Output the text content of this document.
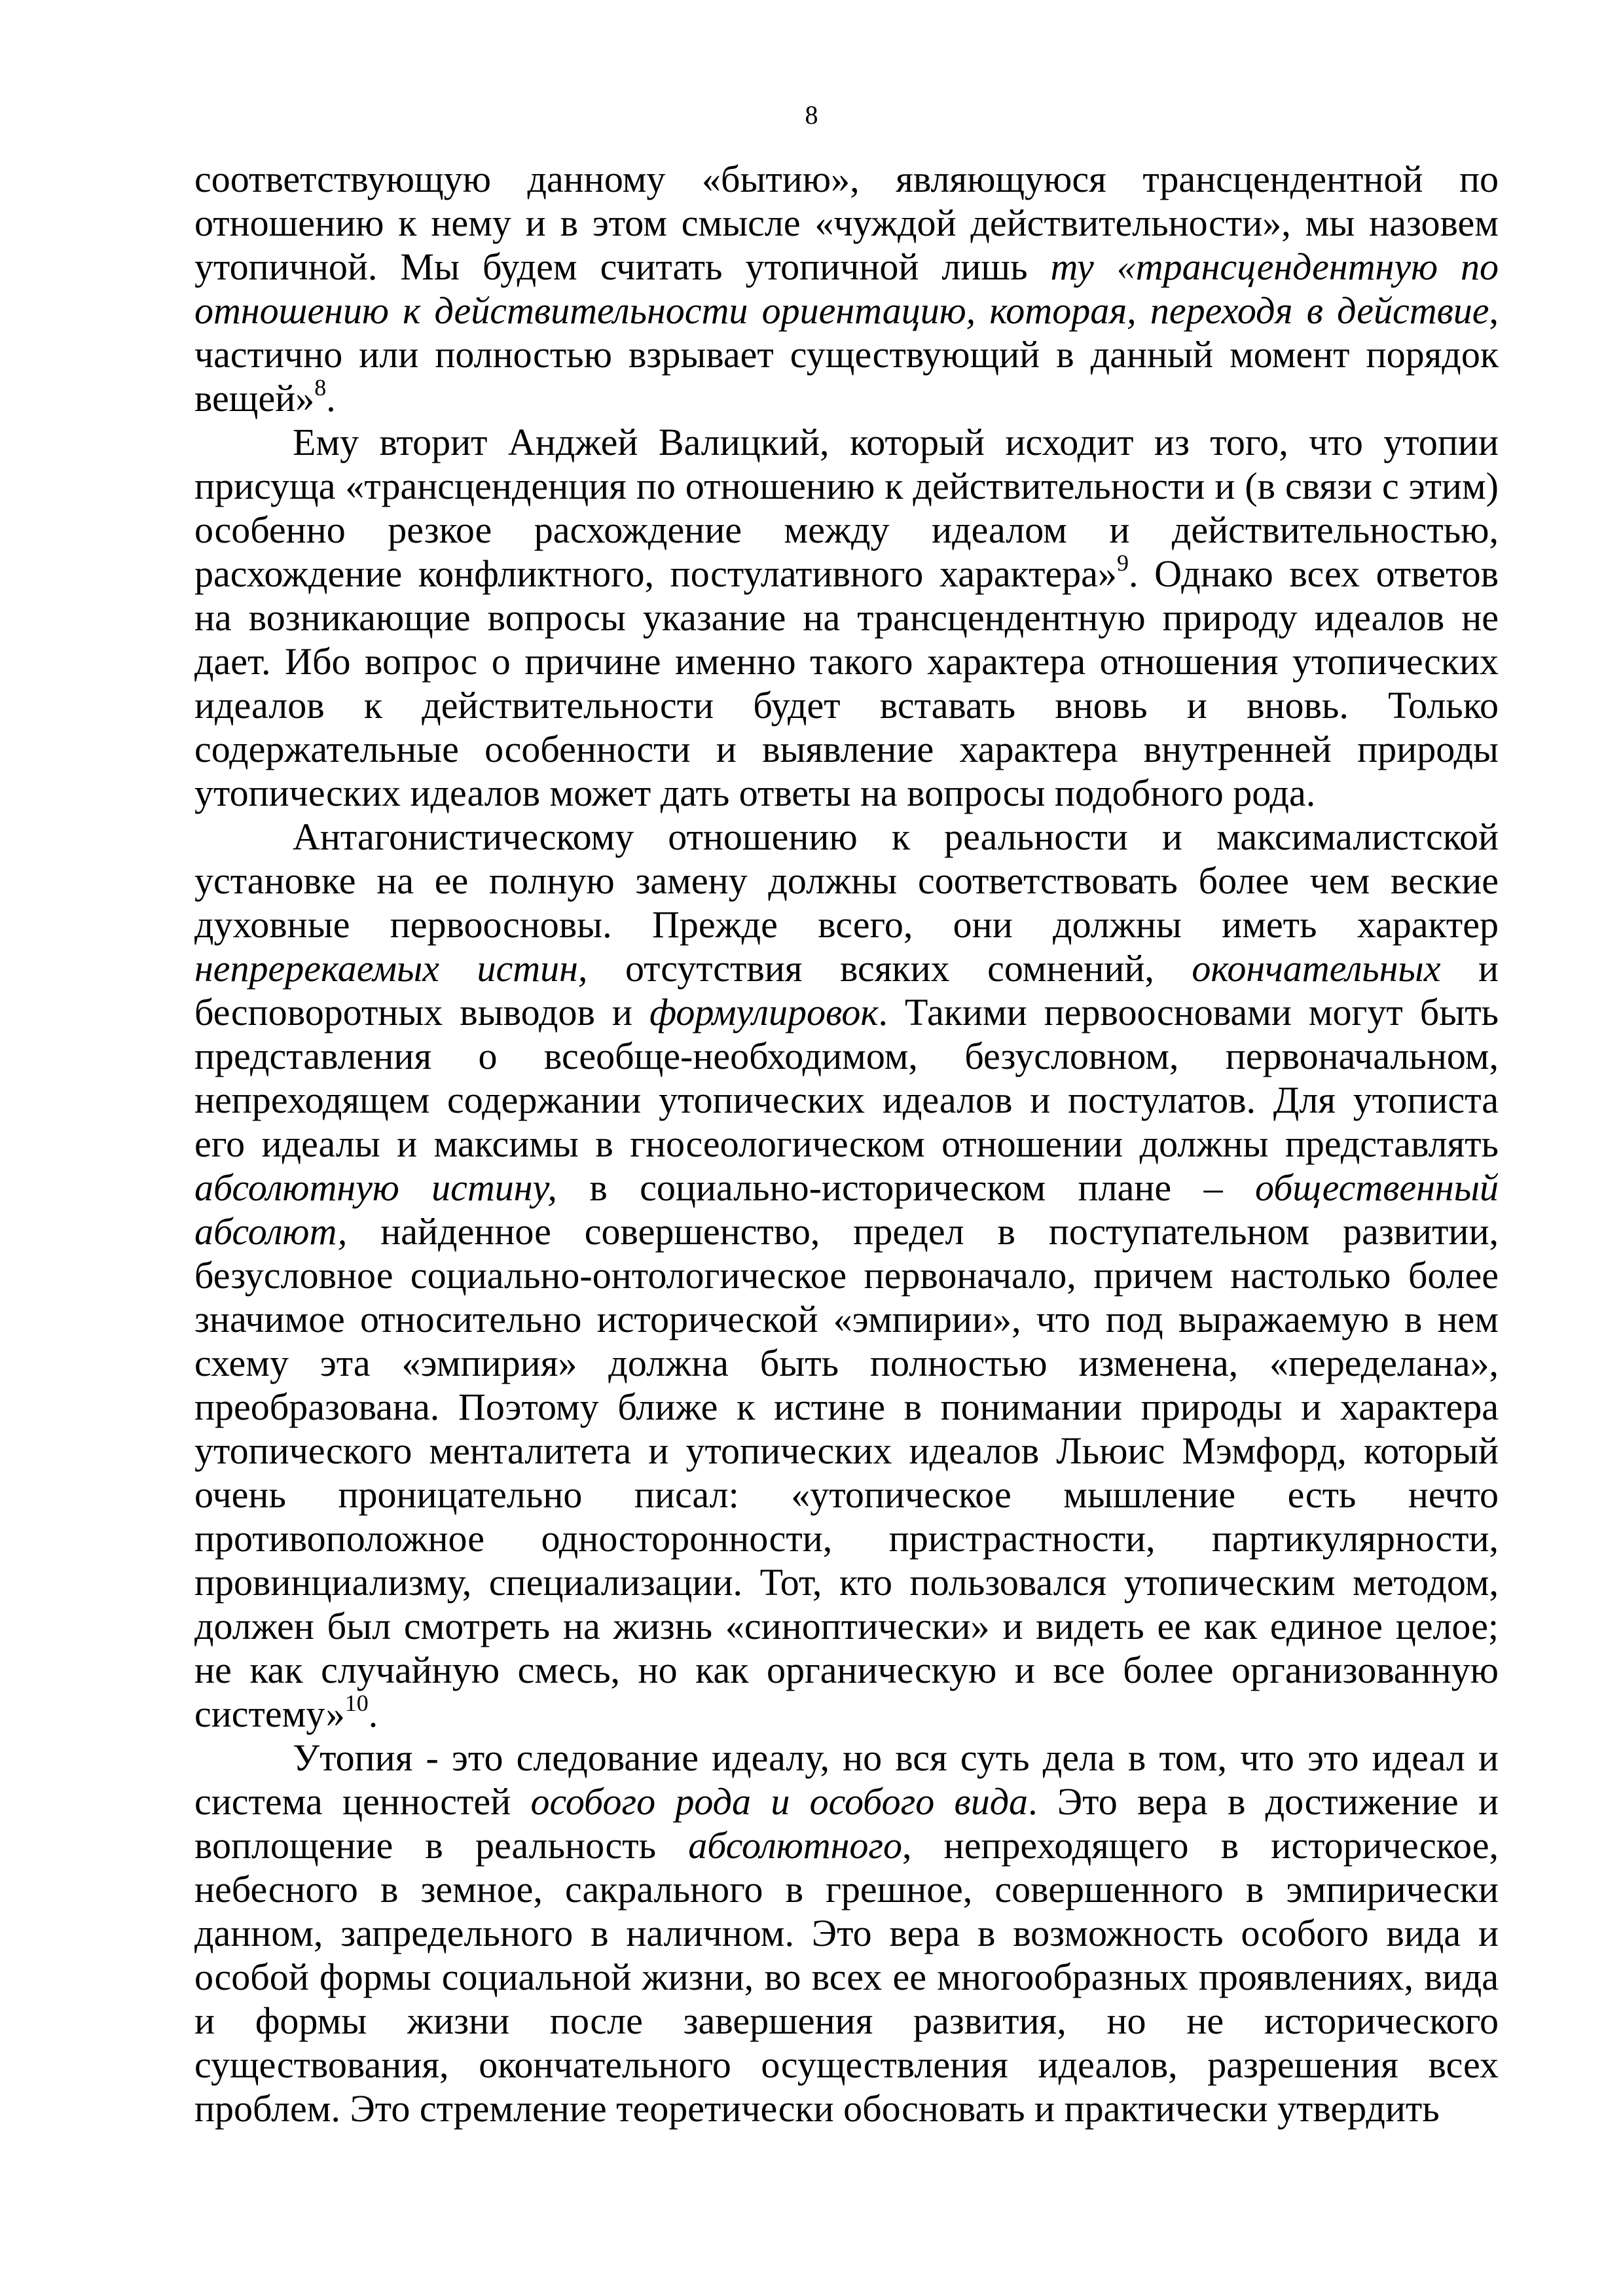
8

соответствующую данному «бытию», являющуюся трансцендентной по отношению к нему и в этом смысле «чуждой действительности», мы назовем утопичной. Мы будем считать утопичной лишь ту «трансцендентную по отношению к действительности ориентацию, которая, переходя в действие, частично или полностью взрывает существующий в данный момент порядок вещей»$^8$.

Ему вторит Анджей Валицкий, который исходит из того, что утопии присуща «трансценденция по отношению к действительности и (в связи с этим) особенно резкое расхождение между идеалом и действительностью, расхождение конфликтного, постулативного характера»$^9$. Однако всех ответов на возникающие вопросы указание на трансцендентную природу идеалов не дает. Ибо вопрос о причине именно такого характера отношения утопических идеалов к действительности будет вставать вновь и вновь. Только содержательные особенности и выявление характера внутренней природы утопических идеалов может дать ответы на вопросы подобного рода.

Антагонистическому отношению к реальности и максималистской установке на ее полную замену должны соответствовать более чем веские духовные первоосновы. Прежде всего, они должны иметь характер непререкаемых истин, отсутствия всяких сомнений, окончательных и бесповоротных выводов и формулировок. Такими первоосновами могут быть представления о всеобще-необходимом, безусловном, первоначальном, непреходящем содержании утопических идеалов и постулатов. Для утописта его идеалы и максимы в гносеологическом отношении должны представлять абсолютную истину, в социально-историческом плане – общественный абсолют, найденное совершенство, предел в поступательном развитии, безусловное социально-онтологическое первоначало, причем настолько более значимое относительно исторической «эмпирии», что под выражаемую в нем схему эта «эмпирия» должна быть полностью изменена, «переделана», преобразована. Поэтому ближе к истине в понимании природы и характера утопического менталитета и утопических идеалов Льюис Мэмфорд, который очень проницательно писал: «утопическое мышление есть нечто противоположное односторонности, пристрастности, партикулярности, провинциализму, специализации. Тот, кто пользовался утопическим методом, должен был смотреть на жизнь «синоптически» и видеть ее как единое целое; не как случайную смесь, но как органическую и все более организованную систему»$^{10}$.

Утопия - это следование идеалу, но вся суть дела в том, что это идеал и система ценностей особого рода и особого вида. Это вера в достижение и воплощение в реальность абсолютного, непреходящего в историческое, небесного в земное, сакрального в грешное, совершенного в эмпирически данном, запредельного в наличном. Это вера в возможность особого вида и особой формы социальной жизни, во всех ее многообразных проявлениях, вида и формы жизни после завершения развития, но не исторического существования, окончательного осуществления идеалов, разрешения всех проблем. Это стремление теоретически обосновать и практически утвердить
